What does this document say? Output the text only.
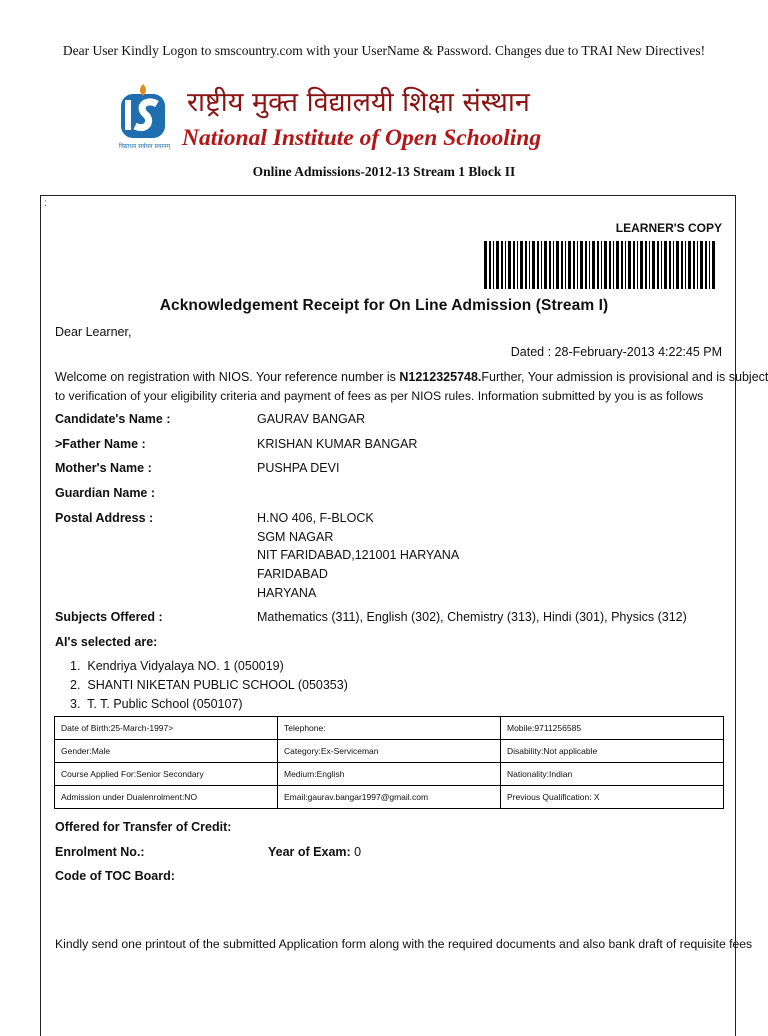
Dear User Kindly Logon to smscountry.com with your UserName & Password. Changes due to TRAI New Directives!
विद्याधन सर्वधन प्रधानम्
राष्ट्रीय मुक्त विद्यालयी शिक्षा संस्थान
National Institute of Open Schooling
Online Admissions-2012-13 Stream 1 Block II
:
LEARNER'S COPY
Acknowledgement Receipt for On Line Admission (Stream I)
Dear Learner,
Dated : 28-February-2013 4:22:45 PM
Welcome on registration with NIOS. Your reference number is N1212325748.Further, Your admission is provisional and is subject
to verification of your eligibility criteria and payment of fees as per NIOS rules. Information submitted by you is as follows
Candidate's Name :	GAURAV BANGAR
>Father Name :	KRISHAN KUMAR BANGAR
Mother's Name :	PUSHPA DEVI
Guardian Name :
Postal Address :	H.NO 406, F-BLOCK
SGM NAGAR
NIT FARIDABAD,121001 HARYANA
FARIDABAD
HARYANA
Subjects Offered :	Mathematics (311), English (302), Chemistry (313), Hindi (301), Physics (312)
AI's selected are:
1.  Kendriya Vidyalaya NO. 1 (050019)
2.  SHANTI NIKETAN PUBLIC SCHOOL (050353)
3.  T. T. Public School (050107)
Date of Birth:25-March-1997>	Telephone:	Mobile:9711256585
Gender:Male	Category:Ex-Serviceman	Disability:Not applicable
Course Applied For:Senior Secondary	Medium:English	Nationality:Indian
Admission under Dualenrolment:NO	Email:gaurav.bangar1997@gmail.com	Previous Qualification: X
Offered for Transfer of Credit:
Enrolment No.:	Year of Exam: 0
Code of TOC Board:
Kindly send one printout of the submitted Application form along with the required documents and also bank draft of requisite fees
